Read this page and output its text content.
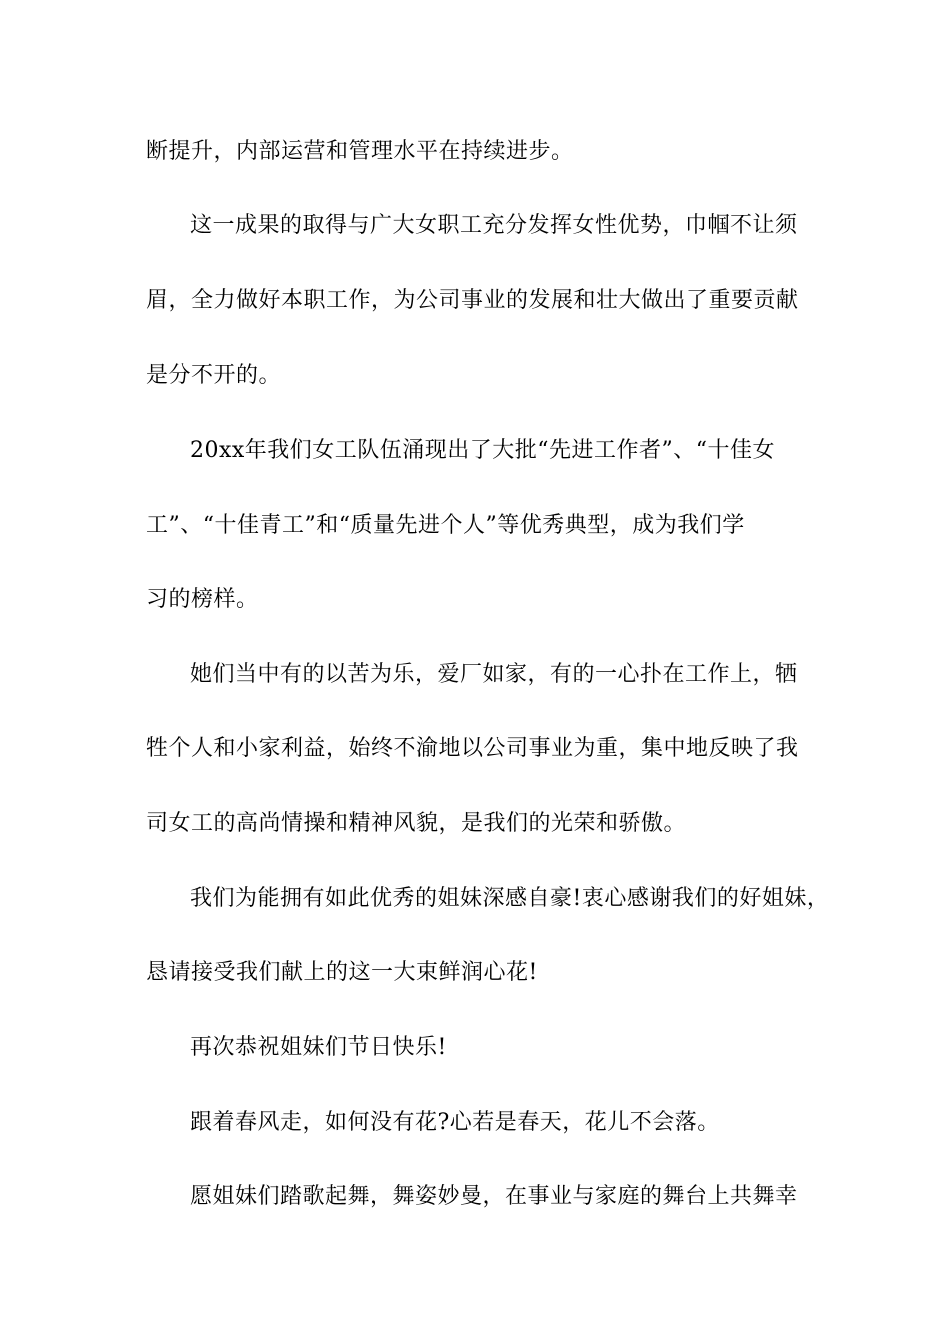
断提升，内部运营和管理水平在持续进步。
这一成果的取得与广大女职工充分发挥女性优势，巾帼不让须
眉，全力做好本职工作，为公司事业的发展和壮大做出了重要贡献
是分不开的。
20xx年我们女工队伍涌现出了大批“先进工作者”、“十佳女
工”、“十佳青工”和“质量先进个人”等优秀典型，成为我们学
习的榜样。
她们当中有的以苦为乐，爱厂如家，有的一心扑在工作上，牺
牲个人和小家利益，始终不渝地以公司事业为重，集中地反映了我
司女工的高尚情操和精神风貌，是我们的光荣和骄傲。
我们为能拥有如此优秀的姐妹深感自豪!衷心感谢我们的好姐妹，
恳请接受我们献上的这一大束鲜润心花!
再次恭祝姐妹们节日快乐!
跟着春风走，如何没有花?心若是春天，花儿不会落。
愿姐妹们踏歌起舞，舞姿妙曼，在事业与家庭的舞台上共舞幸
